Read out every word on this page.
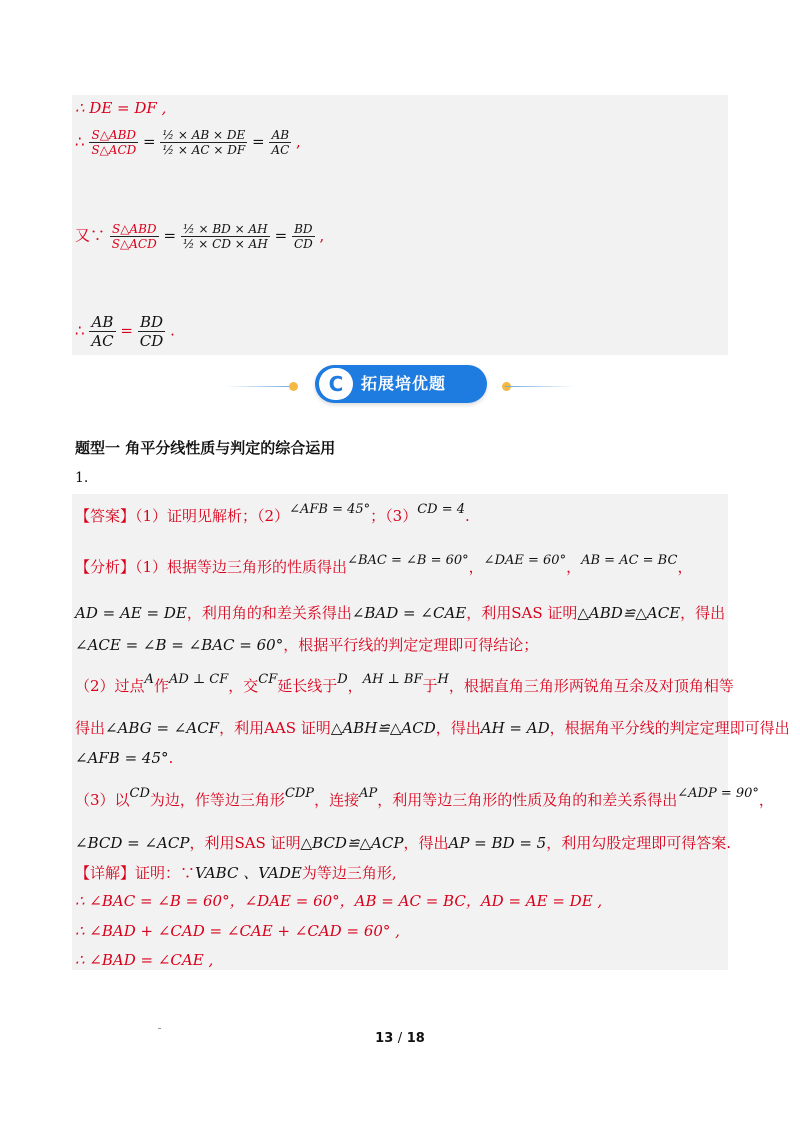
∴ DE = DF ,
∴ $\frac{\text{S△ABD}}{\text{S△ACD}} = \frac{\text{½ × AB × DE}}{\text{½ × AC × DF}} = \frac{AB}{AC}$ ,
又∵ $\frac{\text{S△ABD}}{\text{S△ACD}} = \frac{\text{½ × BD × AH}}{\text{½ × CD × AH}} = \frac{BD}{CD}$ ,
∴ $\frac{AB}{AC} = \frac{BD}{CD}$ .
C	拓展培优题
题型一 角平分线性质与判定的综合运用
1.
【答案】（1）证明见解析；（2）∠AFB = 45°；（3）CD = 4.
【分析】（1）根据等边三角形的性质得出∠BAC = ∠B = 60°，∠DAE = 60°，AB = AC = BC，
AD = AE = DE，利用角的和差关系得出∠BAD = ∠CAE，利用SAS 证明△ABD≌△ACE，得出
∠ACE = ∠B = ∠BAC = 60°，根据平行线的判定定理即可得结论；
（2）过点A作AD ⊥ CF，交CF延长线于D，AH ⊥ BF于H，根据直角三角形两锐角互余及对顶角相等
得出∠ABG = ∠ACF，利用AAS 证明△ABH≌△ACD，得出AH = AD，根据角平分线的判定定理即可得出
∠AFB = 45°.
（3）以CD为边，作等边三角形CDP，连接AP，利用等边三角形的性质及角的和差关系得出∠ADP = 90°，
∠BCD = ∠ACP，利用SAS 证明△BCD≌△ACP，得出AP = BD = 5，利用勾股定理即可得答案.
【详解】证明：∵VABC 、VADE为等边三角形,
∴ ∠BAC = ∠B = 60°，∠DAE = 60°，AB = AC = BC，AD = AE = DE ,
∴ ∠BAD + ∠CAD = ∠CAE + ∠CAD = 60° ,
∴ ∠BAD = ∠CAE ,
13 / 18
